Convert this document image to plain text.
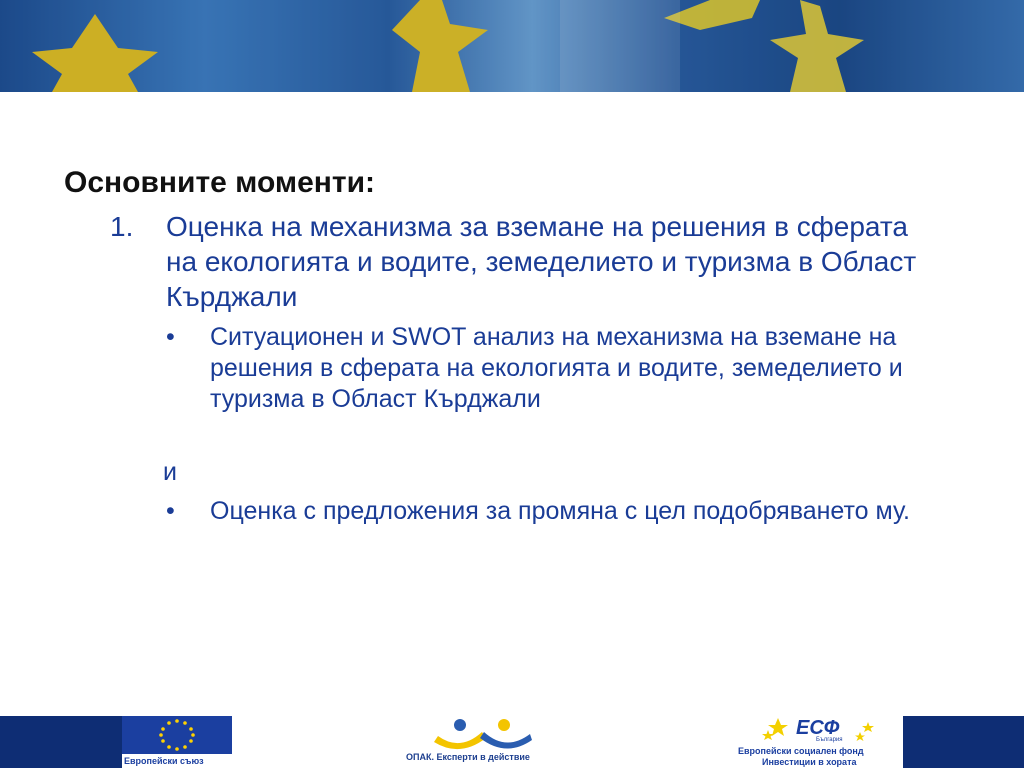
Основните моменти:

1. Оценка на механизма за вземане на решения в сферата на екологията и водите, земеделието и туризма в Област Кърджали
• Ситуационен и SWOT анализ на механизма на вземане на решения в сферата на екологията и водите, земеделието и туризма в Област Кърджали
и
• Оценка с предложения за промяна с цел подобряването му.
Европейски съюз	ОПАК. Експерти в действие
ЕСФ
България
Европейски социален фонд
Инвестиции в хората
